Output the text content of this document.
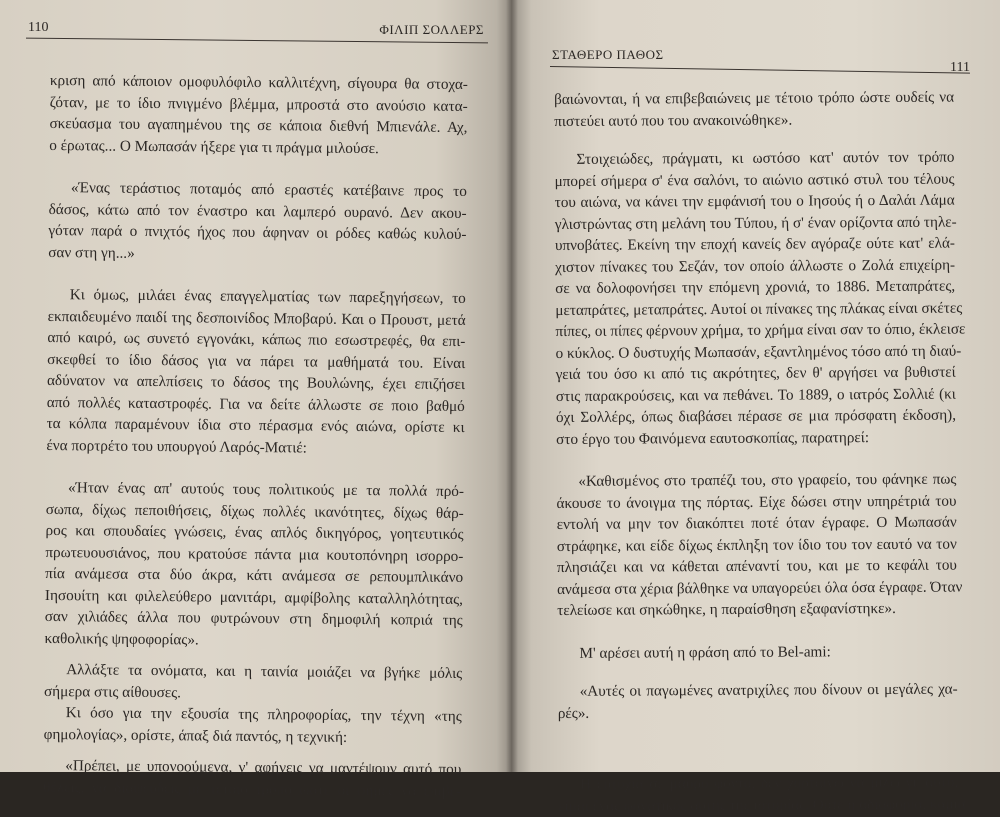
110	ΦΙΛΙΠ ΣΟΛΛΕΡΣ

κριση από κάποιον ομοφυλόφιλο καλλιτέχνη, σίγουρα θα στοχα-
ζόταν, με το ίδιο πνιγμένο βλέμμα, μπροστά στο ανούσιο κατα-
σκεύασμα του αγαπημένου της σε κάποια διεθνή Μπιενάλε. Αχ,
ο έρωτας... Ο Μωπασάν ήξερε για τι πράγμα μιλούσε.

«Ένας τεράστιος ποταμός από εραστές κατέβαινε προς το
δάσος, κάτω από τον έναστρο και λαμπερό ουρανό. Δεν ακου-
γόταν παρά ο πνιχτός ήχος που άφηναν οι ρόδες καθώς κυλού-
σαν στη γη...»

Κι όμως, μιλάει ένας επαγγελματίας των παρεξηγήσεων, το
εκπαιδευμένο παιδί της δεσποινίδος Μποβαρύ. Και ο Προυστ, μετά
από καιρό, ως συνετό εγγονάκι, κάπως πιο εσωστρεφές, θα επι-
σκεφθεί το ίδιο δάσος για να πάρει τα μαθήματά του. Είναι
αδύνατον να απελπίσεις το δάσος της Βουλώνης, έχει επιζήσει
από πολλές καταστροφές. Για να δείτε άλλωστε σε ποιο βαθμό
τα κόλπα παραμένουν ίδια στο πέρασμα ενός αιώνα, ορίστε κι
ένα πορτρέτο του υπουργού Λαρός-Ματιέ:

«Ήταν ένας απ' αυτούς τους πολιτικούς με τα πολλά πρό-
σωπα, δίχως πεποιθήσεις, δίχως πολλές ικανότητες, δίχως θάρ-
ρος και σπουδαίες γνώσεις, ένας απλός δικηγόρος, γοητευτικός
πρωτευουσιάνος, που κρατούσε πάντα μια κουτοπόνηρη ισορρο-
πία ανάμεσα στα δύο άκρα, κάτι ανάμεσα σε ρεπουμπλικάνο
Ιησουίτη και φιλελεύθερο μανιτάρι, αμφίβολης καταλληλότητας,
σαν χιλιάδες άλλα που φυτρώνουν στη δημοφιλή κοπριά της
καθολικής ψηφοφορίας».

Αλλάξτε τα ονόματα, και η ταινία μοιάζει να βγήκε μόλις
σήμερα στις αίθουσες.

Κι όσο για την εξουσία της πληροφορίας, την τέχνη «της
φημολογίας», ορίστε, άπαξ διά παντός, η τεχνική:

«Πρέπει, με υπονοούμενα, ν' αφήνεις να μαντέψουν αυτό που
θέλεις, να διαψεύδεις με τέτοιο τρόπο ώστε οι φήμες να επιβε-

ΣΤΑΘΕΡΟ ΠΑΘΟΣ
111

βαιώνονται, ή να επιβεβαιώνεις με τέτοιο τρόπο ώστε ουδείς να
πιστεύει αυτό που του ανακοινώθηκε».

Στοιχειώδες, πράγματι, κι ωστόσο κατ' αυτόν τον τρόπο
μπορεί σήμερα σ' ένα σαλόνι, το αιώνιο αστικό στυλ του τέλους
του αιώνα, να κάνει την εμφάνισή του ο Ιησούς ή ο Δαλάι Λάμα
γλιστρώντας στη μελάνη του Τύπου, ή σ' έναν ορίζοντα από τηλε-
υπνοβάτες. Εκείνη την εποχή κανείς δεν αγόραζε ούτε κατ' ελά-
χιστον πίνακες του Σεζάν, τον οποίο άλλωστε ο Ζολά επιχείρη-
σε να δολοφονήσει την επόμενη χρονιά, το 1886. Μεταπράτες,
μεταπράτες, μεταπράτες. Αυτοί οι πίνακες της πλάκας είναι σκέτες
πίπες, οι πίπες φέρνουν χρήμα, το χρήμα είναι σαν το όπιο, έκλεισε
ο κύκλος. Ο δυστυχής Μωπασάν, εξαντλημένος τόσο από τη διαύ-
γειά του όσο κι από τις ακρότητες, δεν θ' αργήσει να βυθιστεί
στις παρακρούσεις, και να πεθάνει. Το 1889, ο ιατρός Σολλιέ (κι
όχι Σολλέρς, όπως διαβάσει πέρασε σε μια πρόσφατη έκδοση),
στο έργο του Φαινόμενα εαυτοσκοπίας, παρατηρεί:

«Καθισμένος στο τραπέζι του, στο γραφείο, του φάνηκε πως
άκουσε το άνοιγμα της πόρτας. Είχε δώσει στην υπηρέτριά του
εντολή να μην τον διακόπτει ποτέ όταν έγραφε. Ο Μωπασάν
στράφηκε, και είδε δίχως έκπληξη τον ίδιο του τον εαυτό να τον
πλησιάζει και να κάθεται απέναντί του, και με το κεφάλι του
ανάμεσα στα χέρια βάλθηκε να υπαγορεύει όλα όσα έγραφε. Όταν
τελείωσε και σηκώθηκε, η παραίσθηση εξαφανίστηκε».

Μ' αρέσει αυτή η φράση από το Bel-ami:

«Αυτές οι παγωμένες ανατριχίλες που δίνουν οι μεγάλες χα-
ρές».

Η ευτυχία σε μαύρο φόντο, δεν χορταίνω να μιλώ γι' αυτό,
είμαι ένας φανατικός αυτής της ιστορίας. Ούτε η αδιαφορία, καμιά
